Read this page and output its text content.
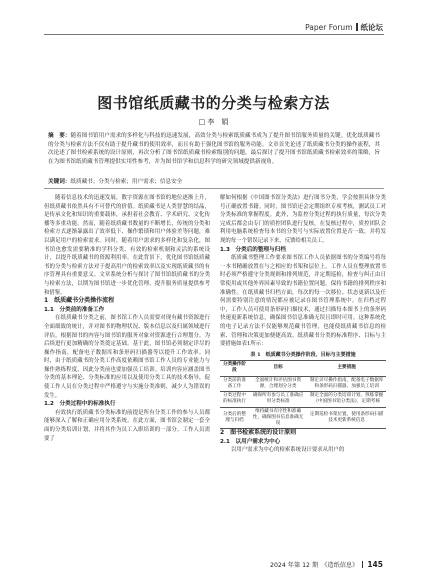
Paper Forum 纸论坛
图书馆纸质藏书的分类与检索方法
□ 李　娟
摘　要：随着图书馆用户需求的多样化与科技的迅速发展，高效分类与检索纸质藏书成为了提升图书馆服务质量的关键。优化纸质藏书的分类与检索方法不仅有助于提升藏书的使用效率，而且有助于强化图书馆的服务功能。文章首先论述了纸质藏书分类的操作流程，其次论述了图书检索系统的设计原则，再次分析了图书馆纸质藏书检索级别的问题，最后探讨了提升图书馆纸质藏书检索效率的策略，旨在为图书馆纸质藏书管理提供实用性参考，并为图书馆学和信息科学的研究领域提供新视角。
关键词：纸质藏书；分类与检索；用户需求；信息安全

随着信息技术的迅速发展，数字资源在图书馆的地位逐渐上升，但纸质藏书依然具有不可替代的价值。纸质藏书是人类智慧的结晶，是传承文化和知识的重要载体，承担着社会教育、学术研究、文化传播等多重功能。然而，随着纸质藏书数量的不断增长，传统的分类和检索方式逐渐暴露出了效率低下、操作繁琐和用户体验差等问题，难以满足用户的检索需求。同时，随着用户需求的多样化和复杂化，图书馆也愈发需要精准的学科分类、有效的检索机制和灵活的系统设计，以提升纸质藏书的资源利用率。在此背景下，优化图书馆纸质藏书的分类与检索方法对于提高用户的检索效率以及实现纸质藏书的有序管理具有重要意义。文章系统分析与探讨了图书馆纸质藏书的分类与检索方法，以期为图书馆进一步优化管理、提升服务质量提供参考和借鉴。

1　纸质藏书分类操作流程

1.1　分类前的准备工作

在纸质藏书分类之前，图书馆工作人员需要对现有藏书资源进行全面细致的统计，并对图书的物理状况、版本信息以及归属领域进行评估，根据图书的内容与图书馆的服务对象对资源进行合理划分。为后续进行更加精确的分类奠定基础。基于此，图书馆必须制定详尽的操作指南，配备电子数据库和条形码扫描器等以提升工作效率。同时，由于纸质藏书的分类工作高度依赖图书馆工作人员的专业能力与操作熟练程度，因此分类前也要加强员工培训。培训内容应涵盖图书分类的基本理论、分类标准的应用以及使用分类工具的技术指导，促使工作人员在分类过程中严格遵守与实施分类准则，减少人为错误的发生。

1.2　分类过程中的标准执行

有效执行纸质藏书分类标准的前提是所有分类工作的参与人员都能够深入了解和正确应用分类系统。在此方面，图书馆会制定一套全面的分类培训计划，并将其作为员工入职培训的一部分。工作人员需要了

解如何根据《中国图书馆分类法》进行图书分类，学会按照具体分类号正确放置书籍。同时，图书馆还会定期组织专项考核，测试员工对分类标准的掌握程度。此外，为监控分类过程的执行质量，每次分类完成后都会由专门的质控团队进行复核。在复核过程中，质控团队会利用电脑系统检查每本书的分类号与实际放置位置是否一致，并将发现的每一个错误记录下来，反馈给相关员工。

1.3　分类后的整理与归档

纸质藏书整理工作要求图书馆工作人员依据图书的分类编号将每一本书精确放置在与之相应的书架和层位上。工作人员在整理放置书时必须严格遵守分类规则和排列规范，并定期巡检，检查与纠正由日常使用或其他外界因素导致的书籍位置问题。保持书籍的排列秩序和准确性。在纸质藏书归档方面，每次的每一次移位、状态更新以及任何需要特别注意的情况都应被记录在图书管理系统中。在归档过程中，工作人员可使用条形码扫描技术，通过扫描每本图书上的条形码快速更新系统信息，确保图书信息准确无误且即时可用。这种系统化的电子记录方法不仅能够规范藏书管理，也能使纸质藏书信息的检索、管理和决策更加便捷高效。纸质藏书分类的标准程序、目标与主要措施如表1所示：

表 1　纸质藏书分类操作阶段、目标与主要措施
分类操作阶段	目标	主要措施
分类前的准备工作	全面统计和评估图书资源，合理划分分类	制定详尽操作指南，配备电子数据库和条形码扫描器，加强员工培训
分类过程中的标准执行	确保所有参与员工准确应用分类标准	制定全面的分类培训计划，熟练掌握《中国图书馆分类法》，定期考核
分类后的整理与归档	维持藏书有序性和准确性，确保图书信息准确无误	定期巡检书架位置，使用条形码扫描技术更新系统信息

2　图书检索系统的设计原则

2.1　以用户需求为中心

以用户需求为中心的检索系统设计要求从用户的

2024 年第 12 期　《造纸信息》 145
